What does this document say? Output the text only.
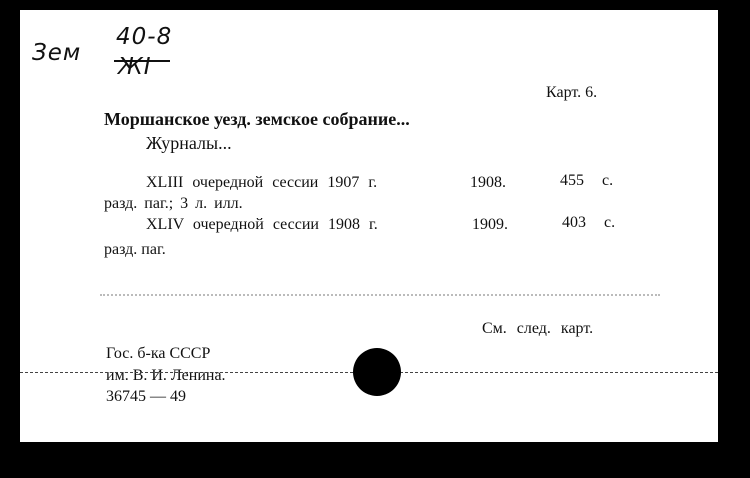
Зем
40-8
ЖІ
Карт. 6.
Моршанское уезд. земское собрание...
Журналы...
XLIII очередной сессии 1907 г.	1908.	455 с.
разд. паг.; 3 л. илл.
XLIV очередной сессии 1908 г.	1909.	403 с.
разд. паг.
См. след. карт.
Гос. б-ка СССР
им. В. И. Ленина.
36745 — 49
